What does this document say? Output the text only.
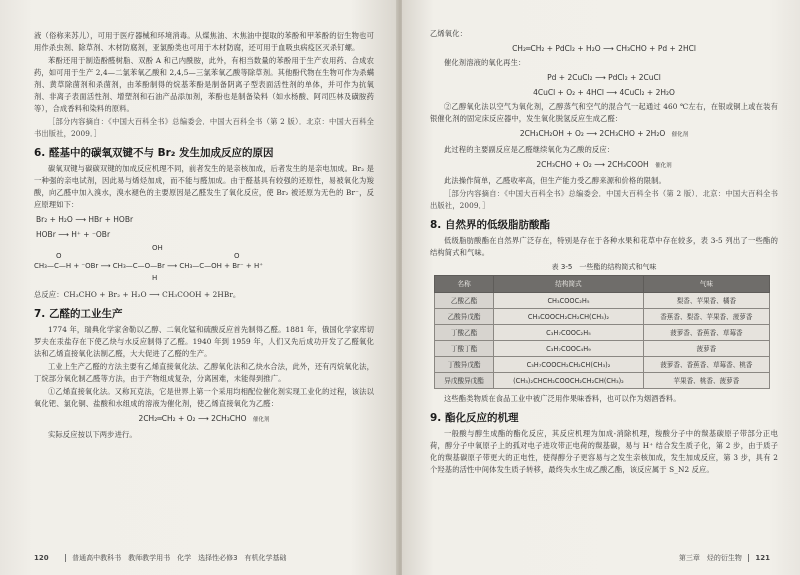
液（俗称来苏儿），可用于医疗器械和环境消毒。从煤焦油、木焦油中提取的苯酚和甲苯酚的衍生物也可用作杀虫剂、除草剂、木材防腐剂，亚氯酚类也可用于木材防腐，还可用于血吸虫病疫区灭杀钉螺。

苯酚还用于制造酚醛树脂、双酚 A 和己内酰胺，此外，有相当数量的苯酚用于生产农用药、合成农药，如可用于生产 2,4—二氯苯氧乙酸和 2,4,5—三氯苯氧乙酸等除草剂。其他酚代物在生物可作为杀螨剂、黄草除菌剂和杀菌剂，由苯酚制得的烷基苯酚是制备阴离子型表面活性剂的单体，并可作为抗氧剂、非离子表面活性剂、增塑剂和石油产品添加剂，苯酚也是制备染料（如水杨酸、阿司匹林及磺胺药等），合成香料和染料的原料。

［部分内容摘自：《中国大百科全书》总编委会．中国大百科全书（第 2 版）．北京：中国大百科全书出版社，2009．］

6. 醛基中的碳氧双键不与 Br₂ 发生加成反应的原因

碳氧双键与碳碳双键的加成反应机理不同，前者发生的是亲核加成，后者发生的是亲电加成。Br₂ 是一种强的亲电试剂，因此易与烯烃加成，而不能与醛加成。由于醛基具有较强的还原性，易被氧化为羧酸，向乙醛中加入溴水，溴水褪色的主要原因是乙醛发生了氧化反应，使 Br₂ 被还原为无色的 Br⁻，反应原理如下：

Br₂ + H₂O ⟶ HBr + HOBr
HOBr ⟶ H⁺ + ⁻OBr
OH
O	O
CH₃—C—H + ⁻OBr ⟶ CH₃—C—O—Br ⟶ CH₃—C—OH + Br⁻ + H⁺
H

总反应：CH₃CHO + Br₂ + H₂O ⟶ CH₃COOH + 2HBr。

7. 乙醛的工业生产

1774 年，瑞典化学家舍勒以乙醇、二氧化锰和硫酸反应首先制得乙醛。1881 年，俄国化学家库切罗夫在汞盐存在下使乙炔与水反应制得了乙醛。1940 年到 1959 年，人们又先后成功开发了乙醛氧化法和乙烯直接氧化法制乙醛，大大促进了乙醛的生产。

工业上生产乙醛的方法主要有乙烯直接氧化法、乙醇氧化法和乙炔水合法，此外，还有丙烷氧化法，丁烷部分氧化制乙醛等方法，由于产物组成复杂，分离困难，未能得到推广。

①乙烯直接氧化法。又称瓦克法，它是世界上第一个采用均相配位催化剂实现工业化的过程，该法以氧化钯、氯化铜、盐酸和水组成的溶液为催化剂，使乙烯直接氧化为乙醛：

2CH₂═CH₂ + O₂ ⟶ 2CH₃CHO 催化剂

实际反应按以下两步进行。

120	普通高中教科书　教师教学用书　化学　选择性必修3　有机化学基础

乙烯氧化：

CH₂═CH₂ + PdCl₂ + H₂O ⟶ CH₃CHO + Pd + 2HCl

催化剂溶液的氧化再生：

Pd + 2CuCl₂ ⟶ PdCl₂ + 2CuCl
4CuCl + O₂ + 4HCl ⟶ 4CuCl₂ + 2H₂O

②乙醇氧化法以空气为氧化剂，乙醇蒸气和空气的混合气一起通过 460 ℃左右，在银或铜上或在装有银催化剂的固定床反应器中，发生氧化脱氢反应生成乙醛：

2CH₃CH₂OH + O₂ ⟶ 2CH₃CHO + 2H₂O 催化剂

此过程的主要副反应是乙醛继续氧化为乙酸的反应：

2CH₃CHO + O₂ ⟶ 2CH₃COOH 催化剂

此法操作简单，乙醛收率高，但生产能力受乙醇来源和价格的限制。

［部分内容摘自：《中国大百科全书》总编委会．中国大百科全书（第 2 版）．北京：中国大百科全书出版社，2009．］

8. 自然界的低级脂肪酸酯

低级脂肪酸酯在自然界广泛存在，特别是存在于各种水果和花草中存在较多，表 3-5 列出了一些酯的结构简式和气味。

表 3-5　一些酯的结构简式和气味
名称	结构简式	气味
乙酸乙酯	CH₃COOC₂H₅	梨香、苹果香、橘香
乙酸异戊酯	CH₃COOCH₂CH₂CH(CH₃)₂	香蕉香、梨香、苹果香、菠萝香
丁酸乙酯	C₃H₇COOC₂H₅	菠萝香、香蕉香、草莓香
丁酸丁酯	C₃H₇COOC₄H₉	菠萝香
丁酸异戊酯	C₃H₇COOCH₂CH₂CH(CH₃)₂	菠萝香、香蕉香、草莓香、桃香
异戊酸异戊酯	(CH₃)₂CHCH₂COOCH₂CH₂CH(CH₃)₂	苹果香、桃香、菠萝香

这些酯类物质在食品工业中被广泛用作果味香料，也可以作为烟酒香料。

9. 酯化反应的机理

一般酸与醇生成酯的酯化反应，其反应机理为加成-消除机理，羧酸分子中的羰基碳原子带部分正电荷，醇分子中氧原子上的孤对电子进攻带正电荷的羰基碳，易与 H⁺ 结合发生质子化，第 2 步，由于质子化的羰基碳原子带更大的正电性，使得醇分子更容易与之发生亲核加成，发生加成反应，第 3 步，具有 2 个羟基的活性中间体发生质子转移，最终失水生成乙酸乙酯，该反应属于 S_N2 反应。

第三章　烃的衍生物 121
